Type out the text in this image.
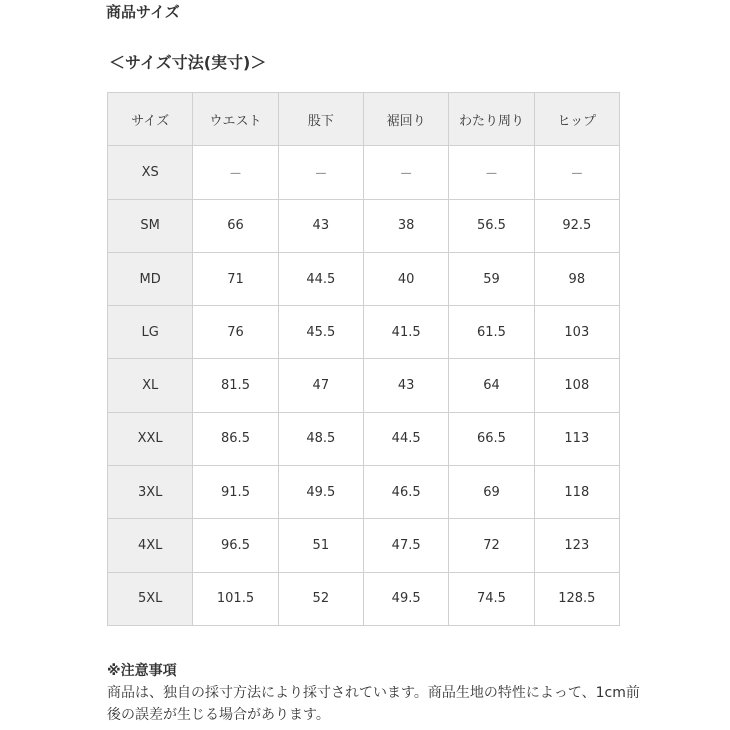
商品サイズ
＜サイズ寸法(実寸)＞
サイズ	ウエスト	股下	裾回り	わたり周り	ヒップ
XS	－	－	－	－	－
SM	66	43	38	56.5	92.5
MD	71	44.5	40	59	98
LG	76	45.5	41.5	61.5	103
XL	81.5	47	43	64	108
XXL	86.5	48.5	44.5	66.5	113
3XL	91.5	49.5	46.5	69	118
4XL	96.5	51	47.5	72	123
5XL	101.5	52	49.5	74.5	128.5
※注意事項
商品は、独自の採寸方法により採寸されています。商品生地の特性によって、1cm前後の誤差が生じる場合があります。
